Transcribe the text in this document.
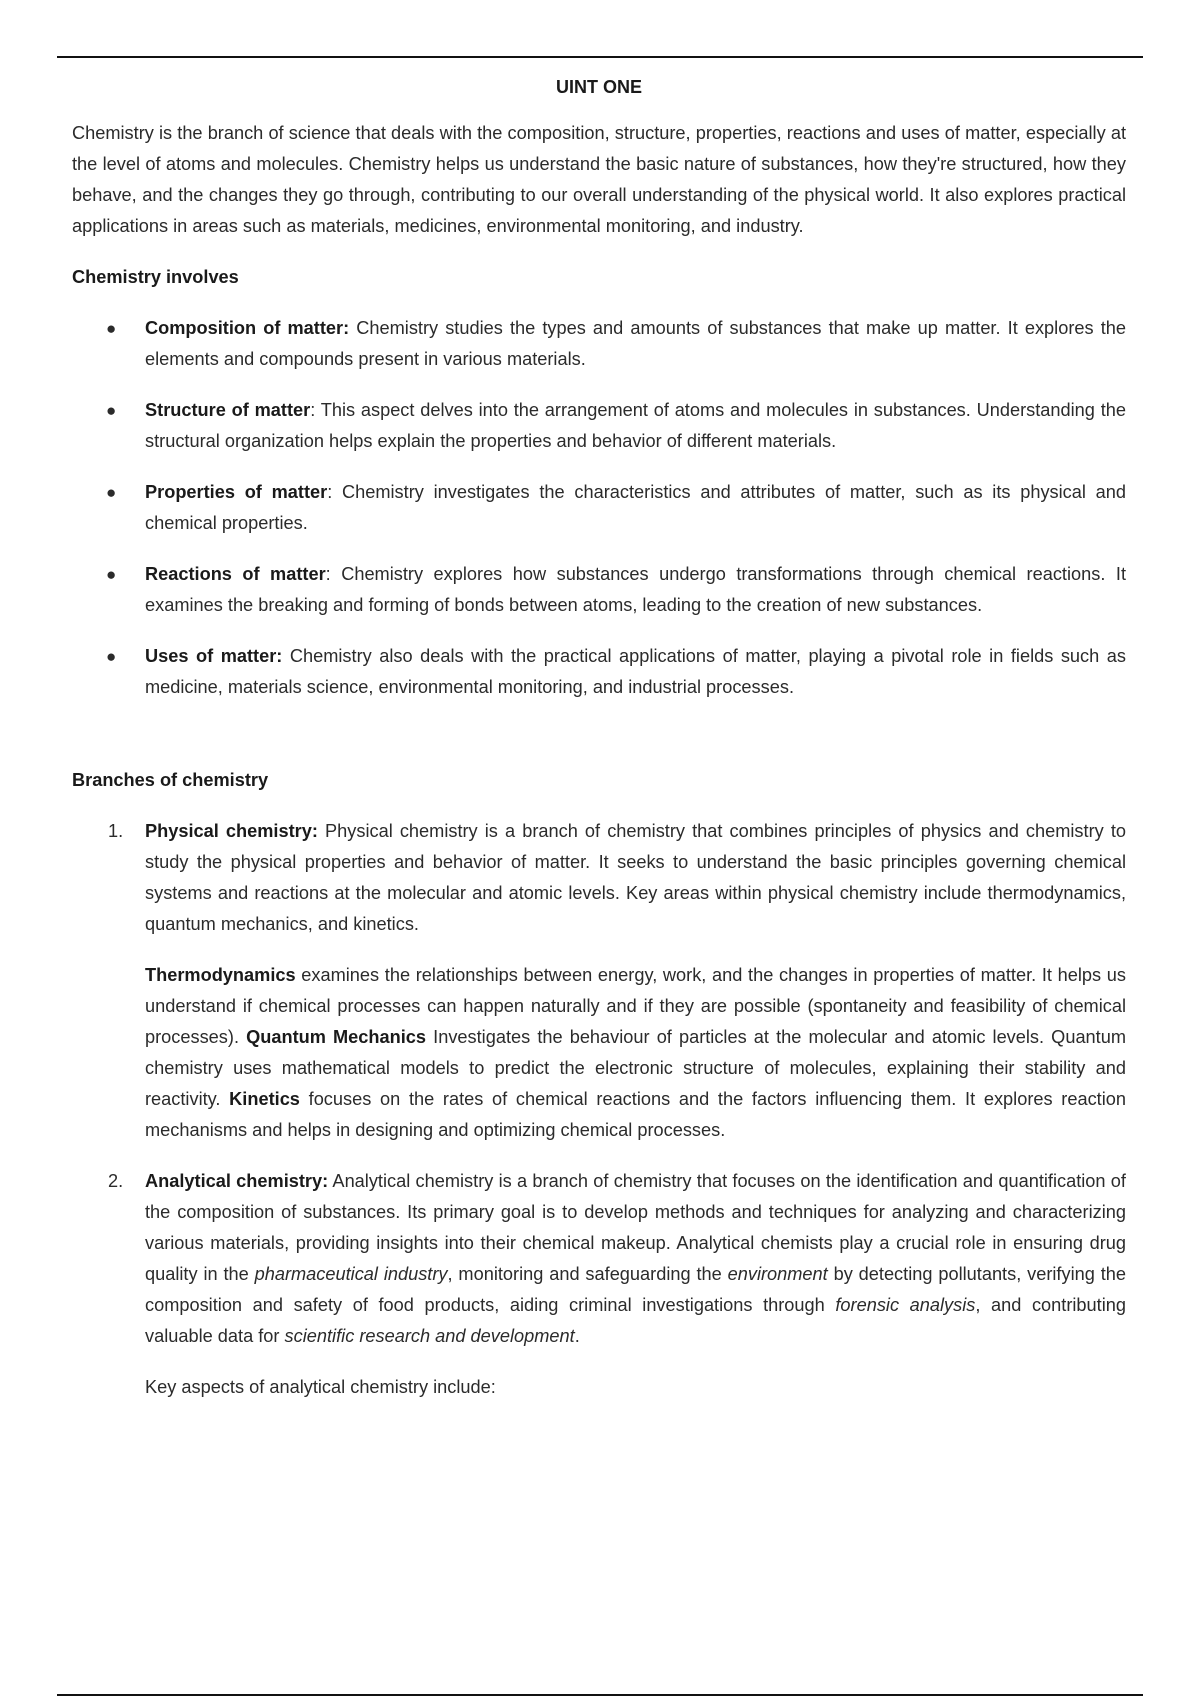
UINT ONE

Chemistry is the branch of science that deals with the composition, structure, properties, reactions and uses of matter, especially at the level of atoms and molecules. Chemistry helps us understand the basic nature of substances, how they're structured, how they behave, and the changes they go through, contributing to our overall understanding of the physical world. It also explores practical applications in areas such as materials, medicines, environmental monitoring, and industry.

Chemistry involves
● Composition of matter: Chemistry studies the types and amounts of substances that make up matter. It explores the elements and compounds present in various materials.
● Structure of matter: This aspect delves into the arrangement of atoms and molecules in substances. Understanding the structural organization helps explain the properties and behavior of different materials.
● Properties of matter: Chemistry investigates the characteristics and attributes of matter, such as its physical and chemical properties.
● Reactions of matter: Chemistry explores how substances undergo transformations through chemical reactions. It examines the breaking and forming of bonds between atoms, leading to the creation of new substances.
● Uses of matter: Chemistry also deals with the practical applications of matter, playing a pivotal role in fields such as medicine, materials science, environmental monitoring, and industrial processes.
Branches of chemistry
1. Physical chemistry: Physical chemistry is a branch of chemistry that combines principles of physics and chemistry to study the physical properties and behavior of matter. It seeks to understand the basic principles governing chemical systems and reactions at the molecular and atomic levels. Key areas within physical chemistry include thermodynamics, quantum mechanics, and kinetics.
Thermodynamics examines the relationships between energy, work, and the changes in properties of matter. It helps us understand if chemical processes can happen naturally and if they are possible (spontaneity and feasibility of chemical processes). Quantum Mechanics Investigates the behaviour of particles at the molecular and atomic levels. Quantum chemistry uses mathematical models to predict the electronic structure of molecules, explaining their stability and reactivity. Kinetics focuses on the rates of chemical reactions and the factors influencing them. It explores reaction mechanisms and helps in designing and optimizing chemical processes.
2. Analytical chemistry: Analytical chemistry is a branch of chemistry that focuses on the identification and quantification of the composition of substances. Its primary goal is to develop methods and techniques for analyzing and characterizing various materials, providing insights into their chemical makeup. Analytical chemists play a crucial role in ensuring drug quality in the pharmaceutical industry, monitoring and safeguarding the environment by detecting pollutants, verifying the composition and safety of food products, aiding criminal investigations through forensic analysis, and contributing valuable data for scientific research and development.
Key aspects of analytical chemistry include:
